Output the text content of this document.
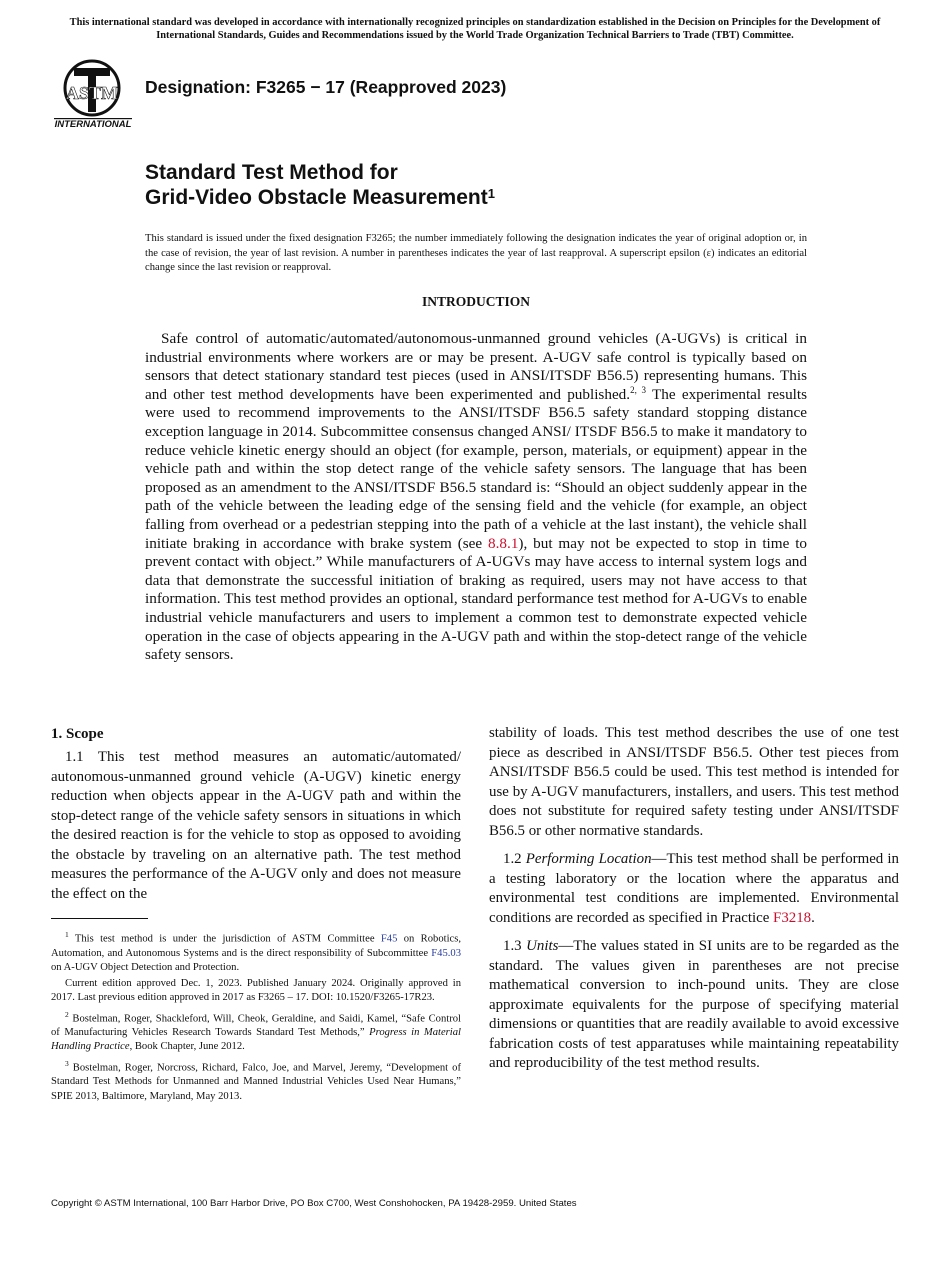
This international standard was developed in accordance with internationally recognized principles on standardization established in the Decision on Principles for the Development of International Standards, Guides and Recommendations issued by the World Trade Organization Technical Barriers to Trade (TBT) Committee.
ASTM
INTERNATIONAL
Designation: F3265 − 17 (Reapproved 2023)
Standard Test Method for
Grid-Video Obstacle Measurement$^1$
This standard is issued under the fixed designation F3265; the number immediately following the designation indicates the year of original adoption or, in the case of revision, the year of last revision. A number in parentheses indicates the year of last reapproval. A superscript epsilon (ε) indicates an editorial change since the last revision or reapproval.
INTRODUCTION

Safe control of automatic/automated/autonomous-unmanned ground vehicles (A-UGVs) is critical in industrial environments where workers are or may be present. A-UGV safe control is typically based on sensors that detect stationary standard test pieces (used in ANSI/ITSDF B56.5) representing humans. This and other test method developments have been experimented and published.$^{2, 3}$ The experimental results were used to recommend improvements to the ANSI/ITSDF B56.5 safety standard stopping distance exception language in 2014. Subcommittee consensus changed ANSI/ ITSDF B56.5 to make it mandatory to reduce vehicle kinetic energy should an object (for example, person, materials, or equipment) appear in the vehicle path and within the stop detect range of the vehicle safety sensors. The language that has been proposed as an amendment to the ANSI/ITSDF B56.5 standard is: “Should an object suddenly appear in the path of the vehicle between the leading edge of the sensing field and the vehicle (for example, an object falling from overhead or a pedestrian stepping into the path of a vehicle at the last instant), the vehicle shall initiate braking in accordance with brake system (see 8.8.1), but may not be expected to stop in time to prevent contact with object.” While manufacturers of A-UGVs may have access to internal system logs and data that demonstrate the successful initiation of braking as required, users may not have access to that information. This test method provides an optional, standard performance test method for A-UGVs to enable industrial vehicle manufacturers and users to implement a common test to demonstrate expected vehicle operation in the case of objects appearing in the A-UGV path and within the stop-detect range of the vehicle safety sensors.

1. Scope

1.1 This test method measures an automatic/automated/ autonomous-unmanned ground vehicle (A-UGV) kinetic energy reduction when objects appear in the A-UGV path and within the stop-detect range of the vehicle safety sensors in situations in which the desired reaction is for the vehicle to stop as opposed to avoiding the obstacle by traveling on an alternative path. The test method measures the performance of the A-UGV only and does not measure the effect on the

$^1$ This test method is under the jurisdiction of ASTM Committee F45 on Robotics, Automation, and Autonomous Systems and is the direct responsibility of Subcommittee F45.03 on A-UGV Object Detection and Protection.

Current edition approved Dec. 1, 2023. Published January 2024. Originally approved in 2017. Last previous edition approved in 2017 as F3265 – 17. DOI: 10.1520/F3265-17R23.

$^2$ Bostelman, Roger, Shackleford, Will, Cheok, Geraldine, and Saidi, Kamel, “Safe Control of Manufacturing Vehicles Research Towards Standard Test Methods,” Progress in Material Handling Practice, Book Chapter, June 2012.

$^3$ Bostelman, Roger, Norcross, Richard, Falco, Joe, and Marvel, Jeremy, “Development of Standard Test Methods for Unmanned and Manned Industrial Vehicles Used Near Humans,” SPIE 2013, Baltimore, Maryland, May 2013.

stability of loads. This test method describes the use of one test piece as described in ANSI/ITSDF B56.5. Other test pieces from ANSI/ITSDF B56.5 could be used. This test method is intended for use by A-UGV manufacturers, installers, and users. This test method does not substitute for required safety testing under ANSI/ITSDF B56.5 or other normative standards.

1.2 Performing Location—This test method shall be performed in a testing laboratory or the location where the apparatus and environmental test conditions are implemented. Environmental conditions are recorded as specified in Practice F3218.

1.3 Units—The values stated in SI units are to be regarded as the standard. The values given in parentheses are not precise mathematical conversion to inch-pound units. They are close approximate equivalents for the purpose of specifying material dimensions or quantities that are readily available to avoid excessive fabrication costs of test apparatuses while maintaining repeatability and reproducibility of the test method results.

Copyright © ASTM International, 100 Barr Harbor Drive, PO Box C700, West Conshohocken, PA 19428-2959. United States
